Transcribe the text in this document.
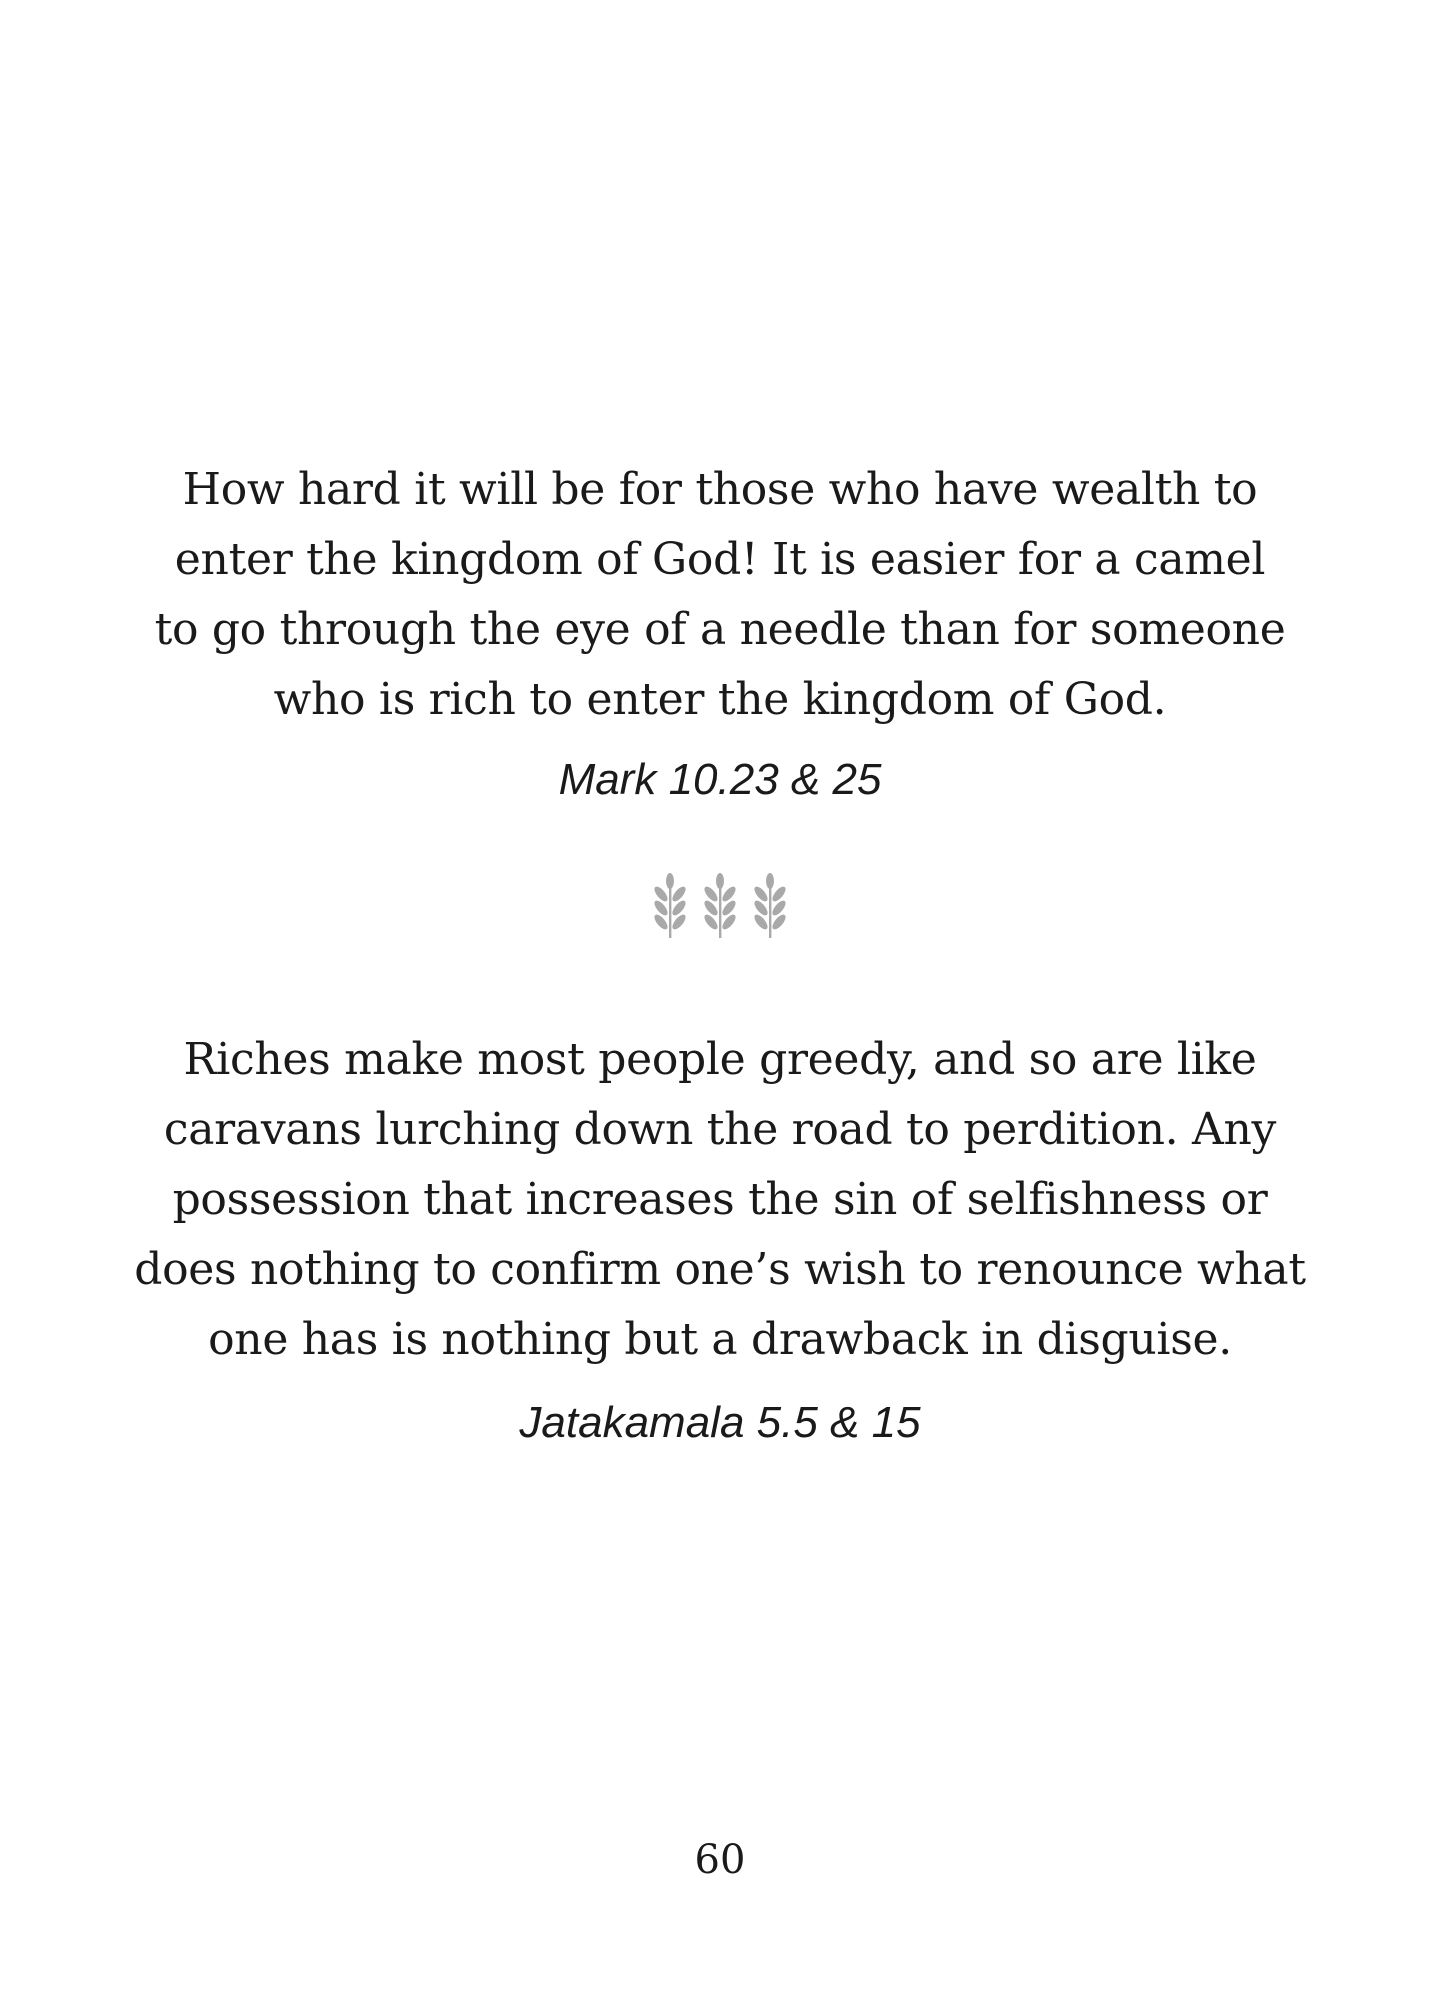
How hard it will be for those who have wealth to
enter the kingdom of God! It is easier for a camel
to go through the eye of a needle than for someone
who is rich to enter the kingdom of God.
Mark 10.23 & 25
Riches make most people greedy, and so are like
caravans lurching down the road to perdition. Any
possession that increases the sin of selfishness or
does nothing to confirm one’s wish to renounce what
one has is nothing but a drawback in disguise.
Jatakamala 5.5 & 15
60
